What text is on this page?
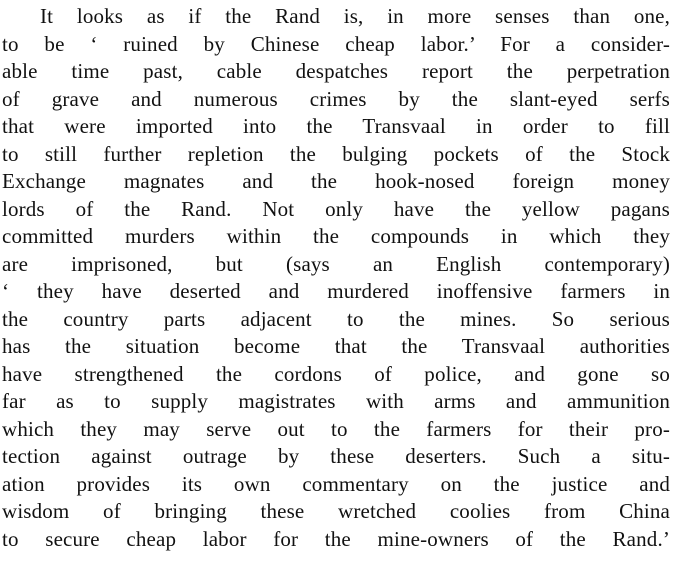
It looks as if the Rand is, in more senses than one,
to be ‘ ruined by Chinese cheap labor.’ For a consider-
able time past, cable despatches report the perpetration
of grave and numerous crimes by the slant-eyed serfs
that were imported into the Transvaal in order to fill
to still further repletion the bulging pockets of the Stock
Exchange magnates and the hook-nosed foreign money
lords of the Rand. Not only have the yellow pagans
committed murders within the compounds in which they
are imprisoned, but (says an English contemporary)
‘ they have deserted and murdered inoffensive farmers in
the country parts adjacent to the mines. So serious
has the situation become that the Transvaal authorities
have strengthened the cordons of police, and gone so
far as to supply magistrates with arms and ammunition
which they may serve out to the farmers for their pro-
tection against outrage by these deserters. Such a situ-
ation provides its own commentary on the justice and
wisdom of bringing these wretched coolies from China
to secure cheap labor for the mine-owners of the Rand.’
